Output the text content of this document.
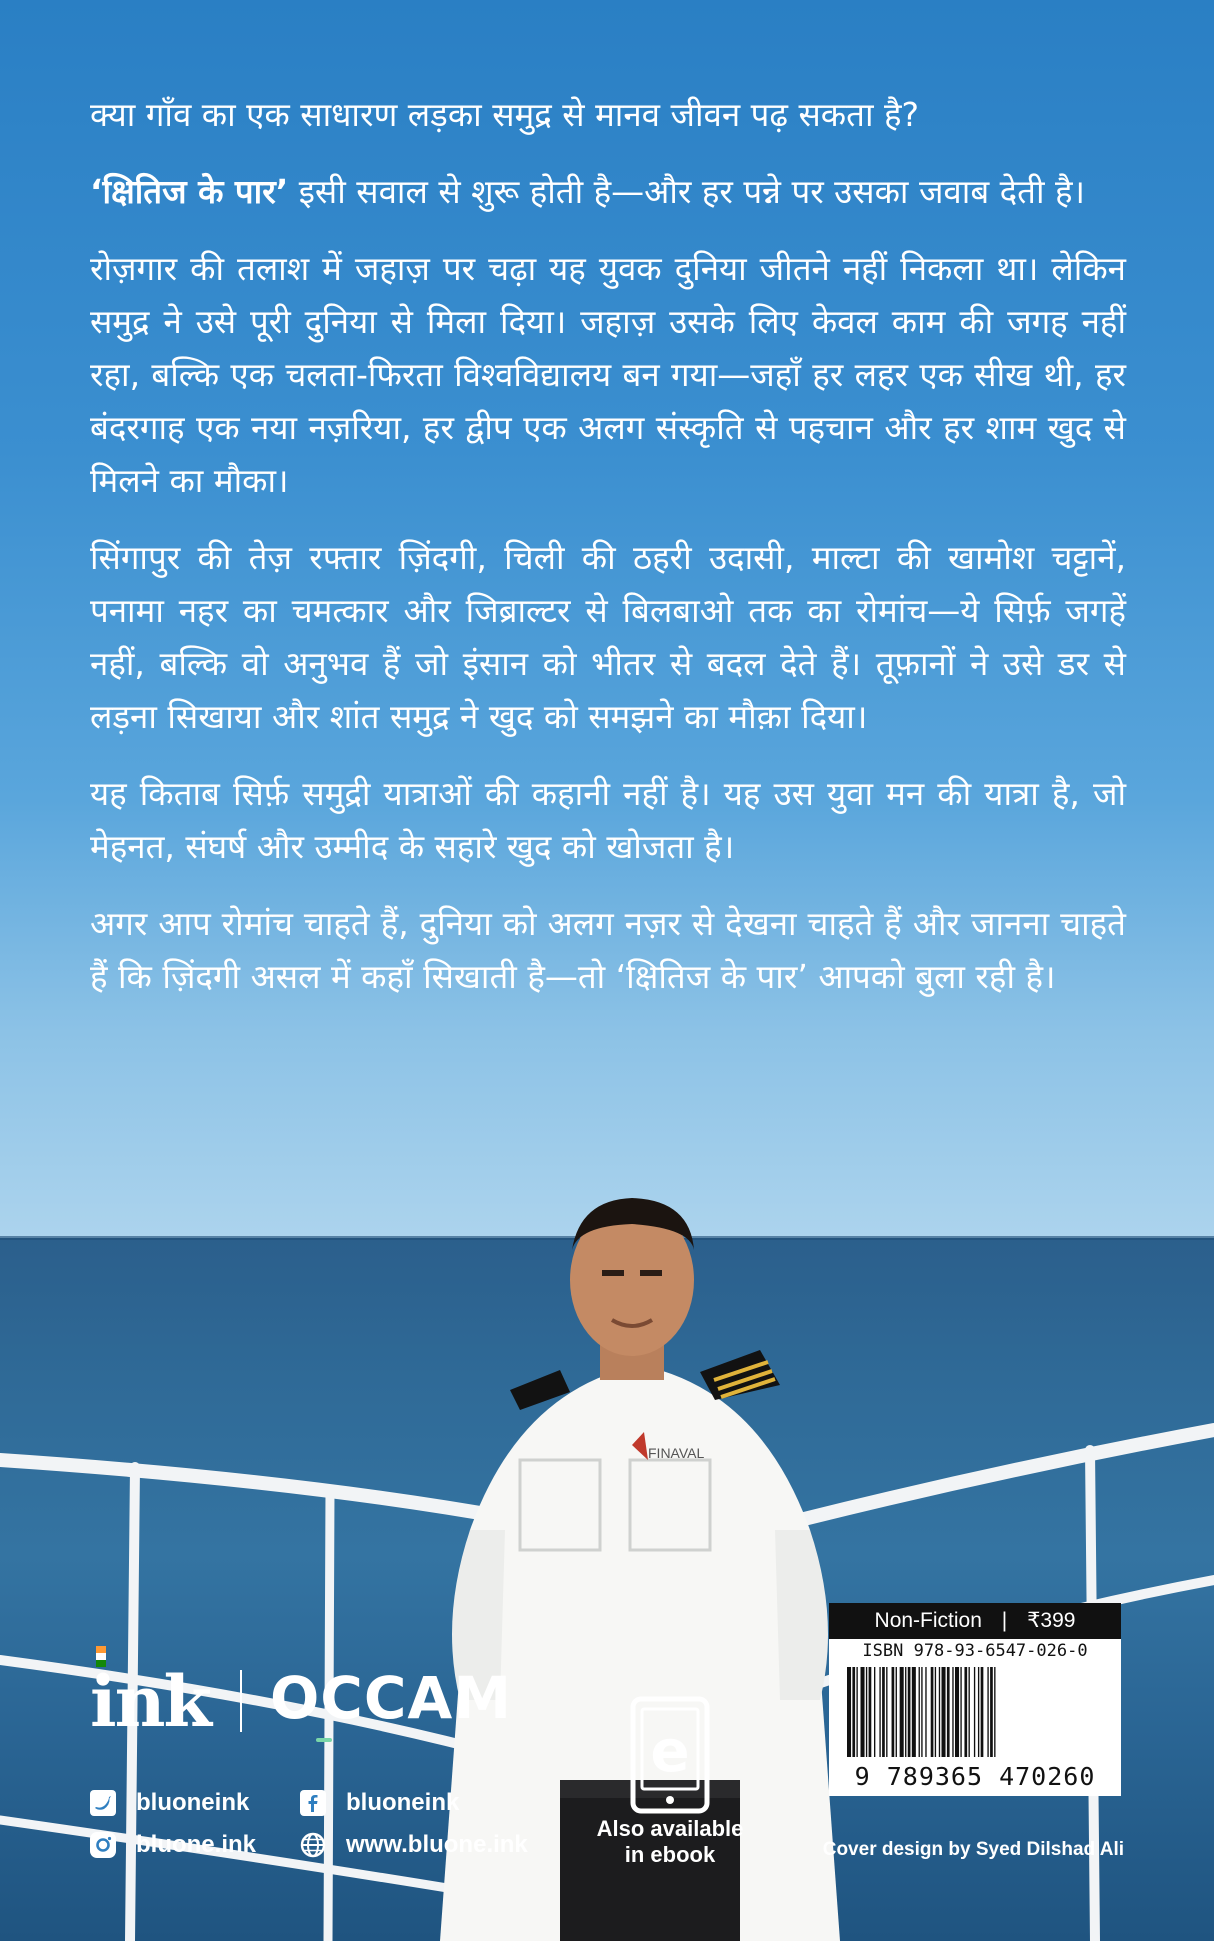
क्या गाँव का एक साधारण लड़का समुद्र से मानव जीवन पढ़ सकता है?

‘क्षितिज के पार’ इसी सवाल से शुरू होती है—और हर पन्ने पर उसका जवाब देती है।

रोज़गार की तलाश में जहाज़ पर चढ़ा यह युवक दुनिया जीतने नहीं निकला था। लेकिन समुद्र ने उसे पूरी दुनिया से मिला दिया। जहाज़ उसके लिए केवल काम की जगह नहीं रहा, बल्कि एक चलता-फिरता विश्वविद्यालय बन गया—जहाँ हर लहर एक सीख थी, हर बंदरगाह एक नया नज़रिया, हर द्वीप एक अलग संस्कृति से पहचान और हर शाम खुद से मिलने का मौका।

सिंगापुर की तेज़ रफ्तार ज़िंदगी, चिली की ठहरी उदासी, माल्टा की खामोश चट्टानें, पनामा नहर का चमत्कार और जिब्राल्टर से बिलबाओ तक का रोमांच—ये सिर्फ़ जगहें नहीं, बल्कि वो अनुभव हैं जो इंसान को भीतर से बदल देते हैं। तूफ़ानों ने उसे डर से लड़ना सिखाया और शांत समुद्र ने खुद को समझने का मौक़ा दिया।

यह किताब सिर्फ़ समुद्री यात्राओं की कहानी नहीं है। यह उस युवा मन की यात्रा है, जो मेहनत, संघर्ष और उम्मीद के सहारे खुद को खोजता है।

अगर आप रोमांच चाहते हैं, दुनिया को अलग नज़र से देखना चाहते हैं और जानना चाहते हैं कि ज़िंदगी असल में कहाँ सिखाती है—तो ‘क्षितिज के पार’ आपको बुला रही है।

FINAVAL
ink OCCAM
bluoneink	bluoneink
bluone.ink	www.bluone.ink
e
Also available
in ebook
Non-Fiction | ₹399
ISBN 978-93-6547-026-0
9 789365 470260
Cover design by Syed Dilshad Ali
